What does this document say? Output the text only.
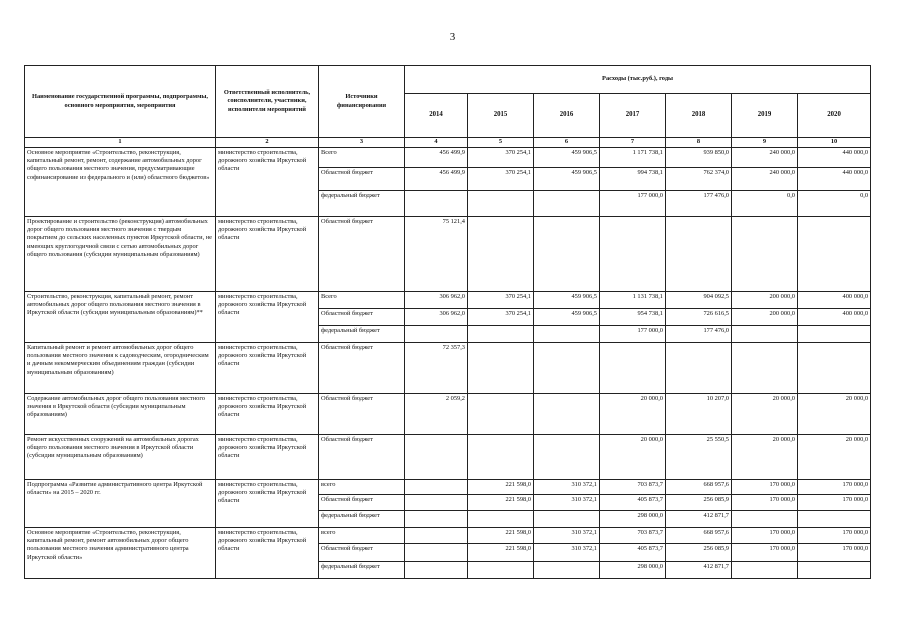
3
Наименование государственной программы, подпрограммы, основного мероприятия, мероприятия	Ответственный исполнитель, соисполнители, участники, исполнители мероприятий	Источники финансирования	Расходы (тыс.руб.), годы						
			2014	2015	2016	2017	2018	2019	2020
1	2	3	4	5	6	7	8	9	10
Основное мероприятие «Строительство, реконструкция, капитальный ремонт, ремонт, содержание автомобильных дорог общего пользования местного значения, предусматривающие софинансирование из федерального и (или) областного бюджетов»	министерство строительства, дорожного хозяйства Иркутской области	Всего	456 499,9	370 254,1	459 906,5	1 171 738,1	939 850,0	240 000,0	440 000,0
		Областной бюджет	456 499,9	370 254,1	459 906,5	994 738,1	762 374,0	240 000,0	440 000,0
		федеральный бюджет				177 000,0	177 476,0	0,0	0,0
Проектирование и строительство (реконструкция) автомобильных дорог общего пользования местного значения с твердым покрытием до сельских населенных пунктов Иркутской области, не имеющих круглогодичной связи с сетью автомобильных дорог общего пользования (субсидии муниципальным образованиям)	министерство строительства, дорожного хозяйства Иркутской области	Областной бюджет	75 121,4						
Строительство, реконструкция, капитальный ремонт, ремонт автомобильных дорог общего пользования местного значения в Иркутской области (субсидии муниципальным образованиям)**	министерство строительства, дорожного хозяйства Иркутской области	Всего	306 962,0	370 254,1	459 906,5	1 131 738,1	904 092,5	200 000,0	400 000,0
		Областной бюджет	306 962,0	370 254,1	459 906,5	954 738,1	726 616,5	200 000,0	400 000,0
		федеральный бюджет				177 000,0	177 476,0		
Капитальный ремонт и ремонт автомобильных дорог общего пользования местного значения к садоводческим, огородническим и дачным некоммерческим объединениям граждан (субсидии муниципальным образованиям)	министерство строительства, дорожного хозяйства Иркутской области	Областной бюджет	72 357,3						
Содержание автомобильных дорог общего пользования местного значения в Иркутской области (субсидии муниципальным образованиям)	министерство строительства, дорожного хозяйства Иркутской области	Областной бюджет	2 059,2			20 000,0	10 207,0	20 000,0	20 000,0
Ремонт искусственных сооружений на автомобильных дорогах общего пользования местного значения в Иркутской области (субсидии муниципальным образованиям)	министерство строительства, дорожного хозяйства Иркутской области	Областной бюджет				20 000,0	25 550,5	20 000,0	20 000,0
Подпрограмма «Развитие административного центра Иркутской области» на 2015 – 2020 гг.	министерство строительства, дорожного хозяйства Иркутской области	всего		221 598,0	310 372,1	703 873,7	668 957,6	170 000,0	170 000,0
		Областной бюджет		221 598,0	310 372,1	405 873,7	256 085,9	170 000,0	170 000,0
		федеральный бюджет				298 000,0	412 871,7		
Основное мероприятие «Строительство, реконструкция, капитальный ремонт, ремонт автомобильных дорог общего пользования местного значения административного центра Иркутской области»	министерство строительства, дорожного хозяйства Иркутской области	всего		221 598,0	310 372,1	703 873,7	668 957,6	170 000,0	170 000,0
		Областной бюджет		221 598,0	310 372,1	405 873,7	256 085,9	170 000,0	170 000,0
		федеральный бюджет				298 000,0	412 871,7		
